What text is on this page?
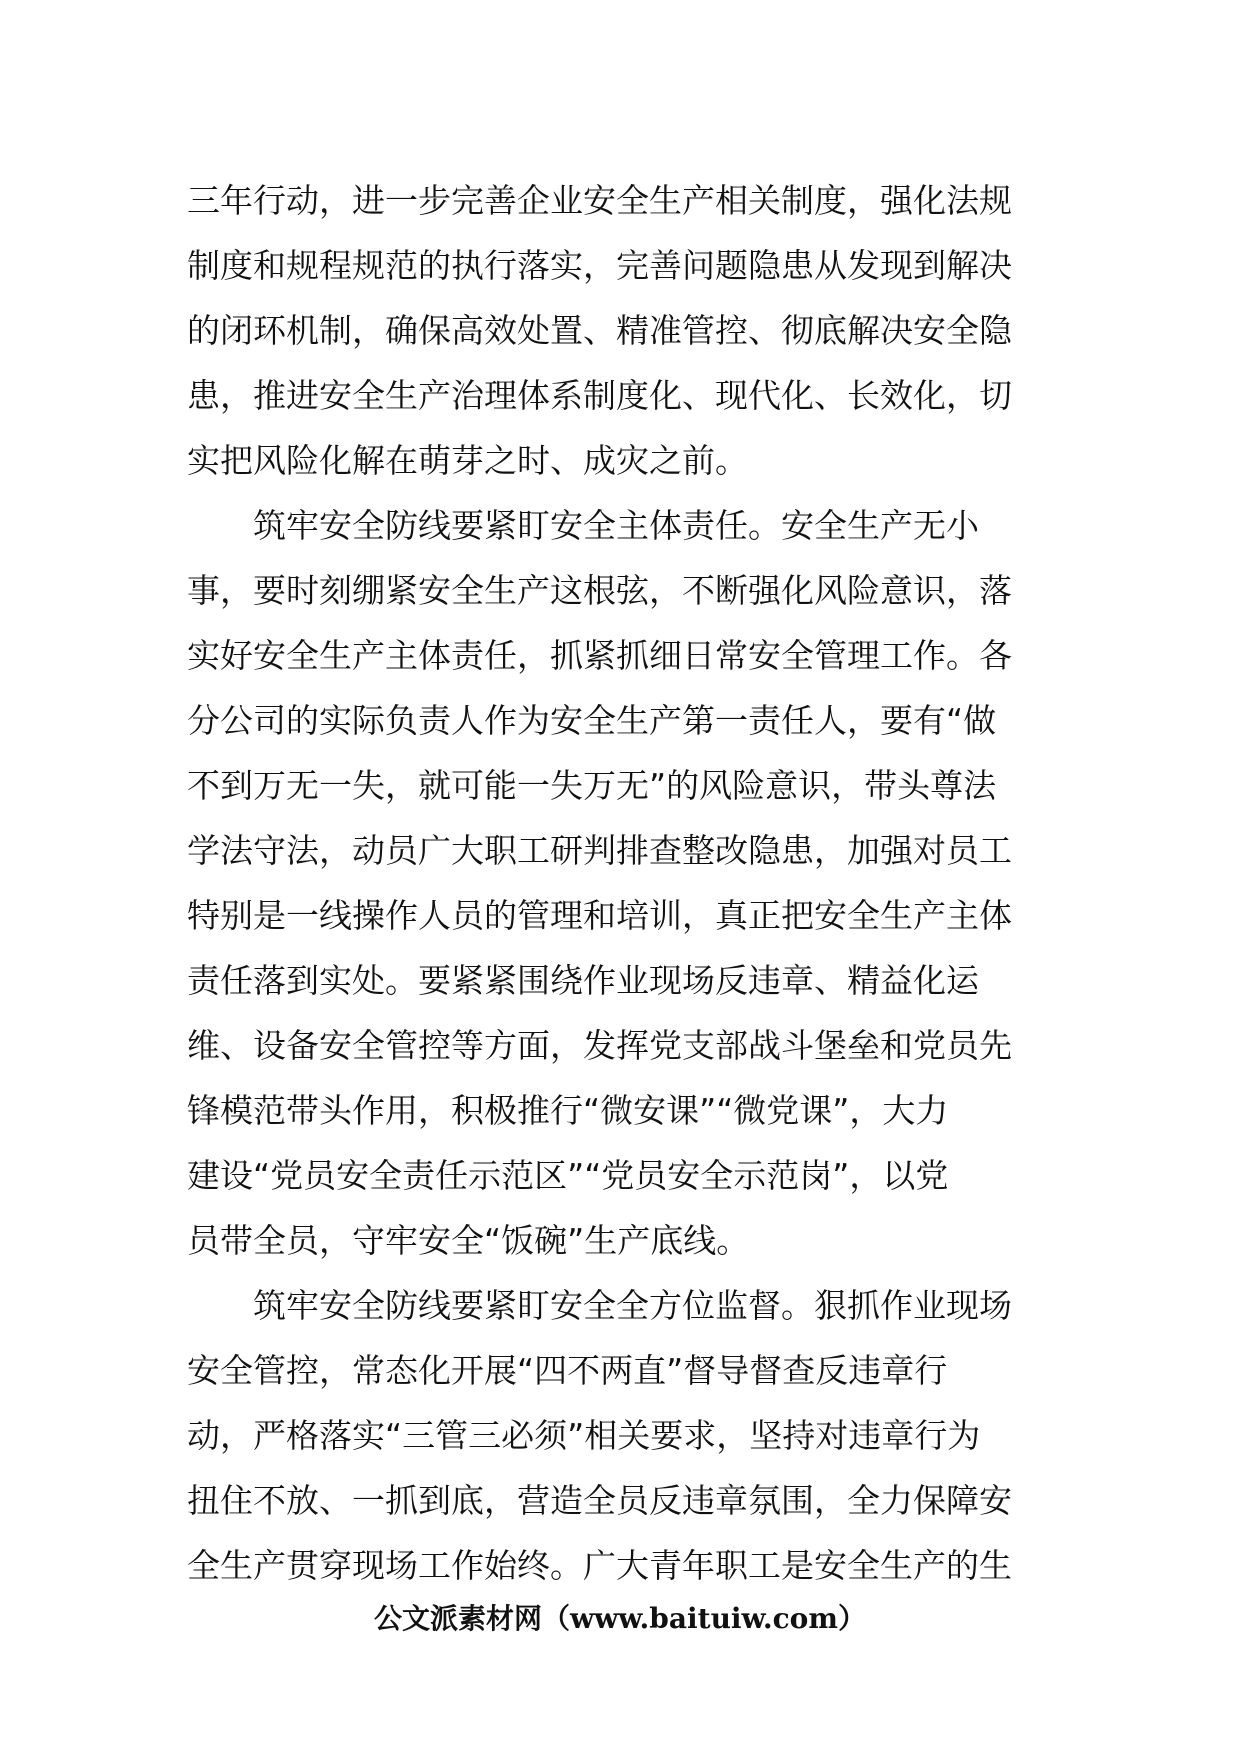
三年行动，进一步完善企业安全生产相关制度，强化法规
制度和规程规范的执行落实，完善问题隐患从发现到解决
的闭环机制，确保高效处置、精准管控、彻底解决安全隐
患，推进安全生产治理体系制度化、现代化、长效化，切
实把风险化解在萌芽之时、成灾之前。
　　筑牢安全防线要紧盯安全主体责任。安全生产无小
事，要时刻绷紧安全生产这根弦，不断强化风险意识，落
实好安全生产主体责任，抓紧抓细日常安全管理工作。各
分公司的实际负责人作为安全生产第一责任人，要有“做
不到万无一失，就可能一失万无”的风险意识，带头尊法
学法守法，动员广大职工研判排查整改隐患，加强对员工
特别是一线操作人员的管理和培训，真正把安全生产主体
责任落到实处。要紧紧围绕作业现场反违章、精益化运
维、设备安全管控等方面，发挥党支部战斗堡垒和党员先
锋模范带头作用，积极推行“微安课”“微党课”，大力
建设“党员安全责任示范区”“党员安全示范岗”，以党
员带全员，守牢安全“饭碗”生产底线。
　　筑牢安全防线要紧盯安全全方位监督。狠抓作业现场
安全管控，常态化开展“四不两直”督导督查反违章行
动，严格落实“三管三必须”相关要求，坚持对违章行为
扭住不放、一抓到底，营造全员反违章氛围，全力保障安
全生产贯穿现场工作始终。广大青年职工是安全生产的生
公文派素材网（www.baituiw.com）
